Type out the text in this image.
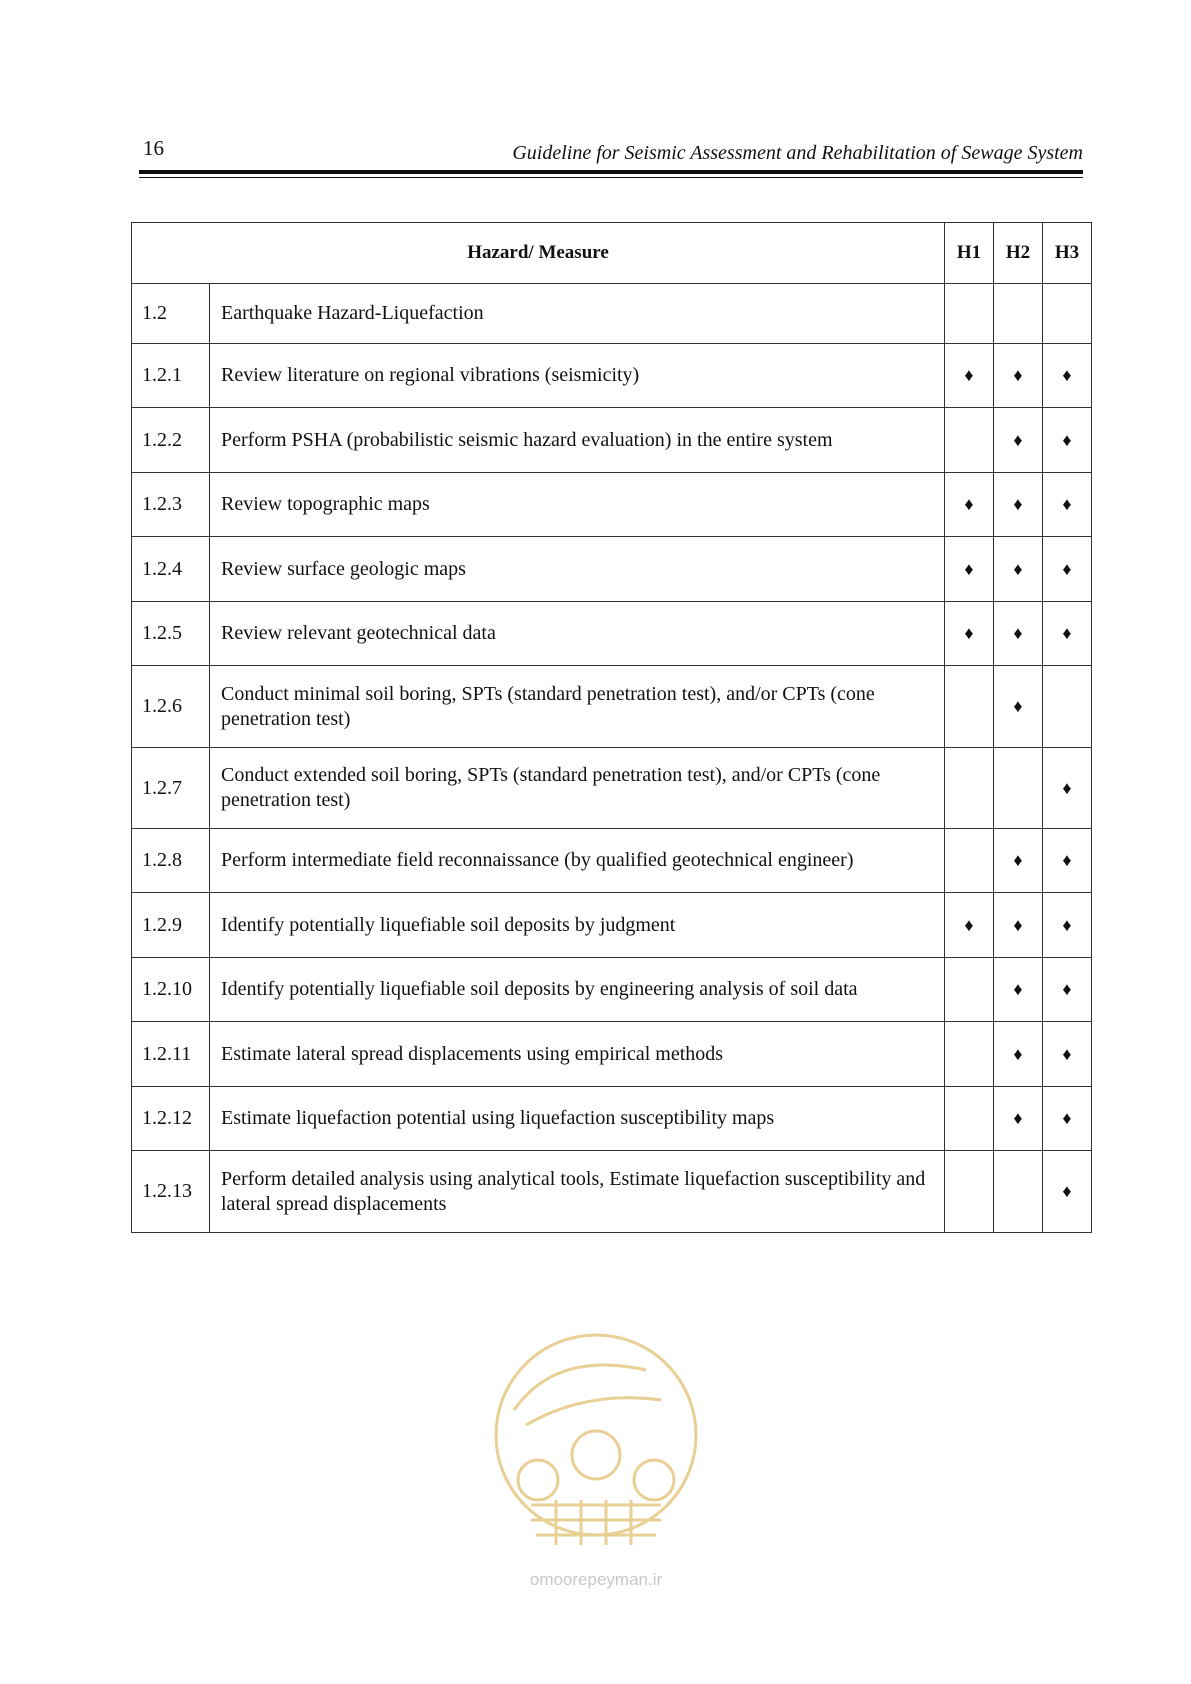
16	Guideline for Seismic Assessment and Rehabilitation of Sewage System
Hazard/ Measure		H1	H2	H3
1.2	Earthquake Hazard-Liquefaction			
1.2.1	Review literature on regional vibrations (seismicity)	♦	♦	♦
1.2.2	Perform PSHA (probabilistic seismic hazard evaluation) in the entire system		♦	♦
1.2.3	Review topographic maps	♦	♦	♦
1.2.4	Review surface geologic maps	♦	♦	♦
1.2.5	Review relevant geotechnical data	♦	♦	♦
1.2.6	Conduct minimal soil boring, SPTs (standard penetration test), and/or CPTs (cone penetration test)		♦	
1.2.7	Conduct extended soil boring, SPTs (standard penetration test), and/or CPTs (cone penetration test)			♦
1.2.8	Perform intermediate field reconnaissance (by qualified geotechnical engineer)		♦	♦
1.2.9	Identify potentially liquefiable soil deposits by judgment	♦	♦	♦
1.2.10	Identify potentially liquefiable soil deposits by engineering analysis of soil data		♦	♦
1.2.11	Estimate lateral spread displacements using empirical methods		♦	♦
1.2.12	Estimate liquefaction potential using liquefaction susceptibility maps		♦	♦
1.2.13	Perform detailed analysis using analytical tools, Estimate liquefaction susceptibility and lateral spread displacements			♦
omoorepeyman.ir
